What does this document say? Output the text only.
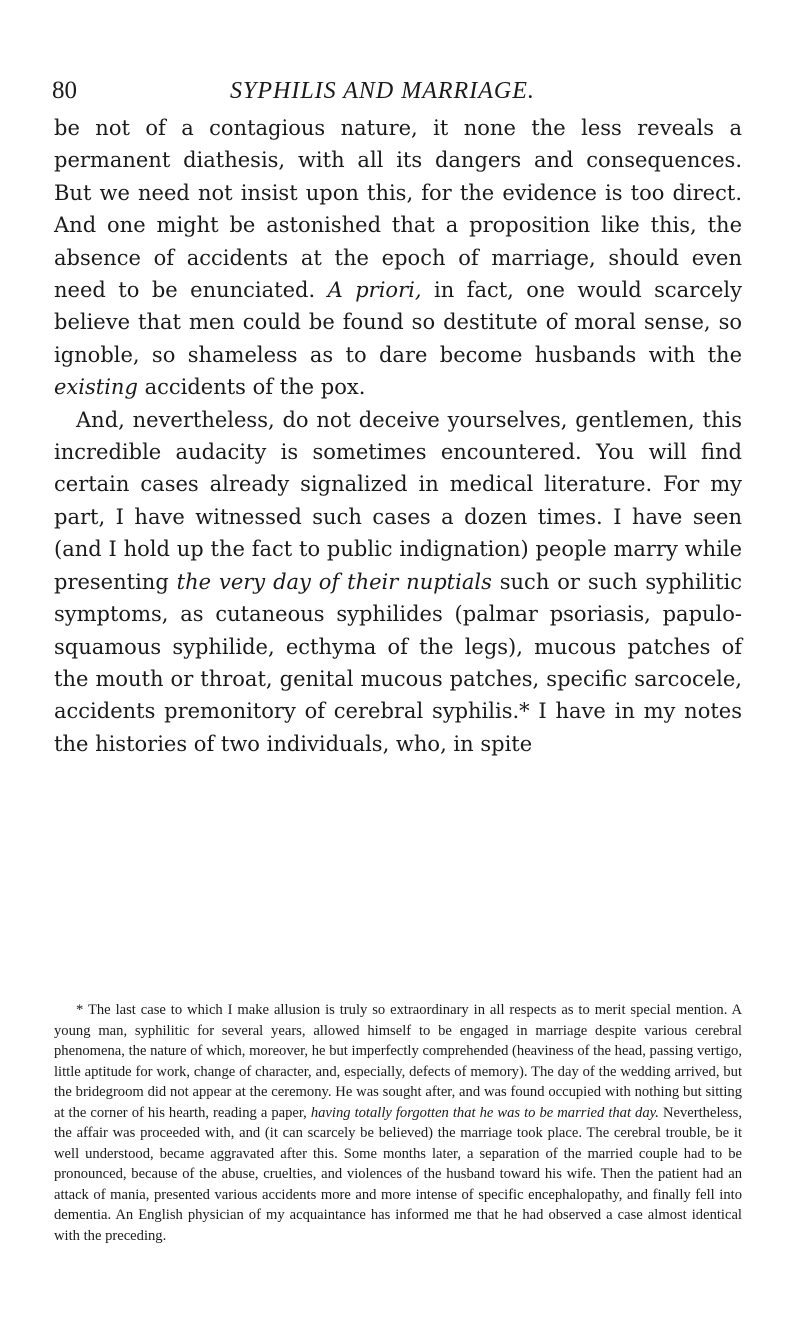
80	SYPHILIS AND MARRIAGE.

be not of a contagious nature, it none the less reveals a permanent diathesis, with all its dangers and consequences. But we need not insist upon this, for the evidence is too direct. And one might be astonished that a proposition like this, the absence of accidents at the epoch of marriage, should even need to be enunciated. A priori, in fact, one would scarcely believe that men could be found so destitute of moral sense, so ignoble, so shameless as to dare become husbands with the existing accidents of the pox.

And, nevertheless, do not deceive yourselves, gentlemen, this incredible audacity is sometimes encountered. You will find certain cases already signalized in medical literature. For my part, I have witnessed such cases a dozen times. I have seen (and I hold up the fact to public indignation) people marry while presenting the very day of their nuptials such or such syphilitic symptoms, as cutaneous syphilides (palmar psoriasis, papulo-squamous syphilide, ecthyma of the legs), mucous patches of the mouth or throat, genital mucous patches, specific sarcocele, accidents premonitory of cerebral syphilis.* I have in my notes the histories of two individuals, who, in spite

* The last case to which I make allusion is truly so extraordinary in all respects as to merit special mention. A young man, syphilitic for several years, allowed himself to be engaged in marriage despite various cerebral phenomena, the nature of which, moreover, he but imperfectly comprehended (heaviness of the head, passing vertigo, little aptitude for work, change of character, and, especially, defects of memory). The day of the wedding arrived, but the bridegroom did not appear at the ceremony. He was sought after, and was found occupied with nothing but sitting at the corner of his hearth, reading a paper, having totally forgotten that he was to be married that day. Nevertheless, the affair was proceeded with, and (it can scarcely be believed) the marriage took place. The cerebral trouble, be it well understood, became aggravated after this. Some months later, a separation of the married couple had to be pronounced, because of the abuse, cruelties, and violences of the husband toward his wife. Then the patient had an attack of mania, presented various accidents more and more intense of specific encephalopathy, and finally fell into dementia. An English physician of my acquaintance has informed me that he had observed a case almost identical with the preceding.
